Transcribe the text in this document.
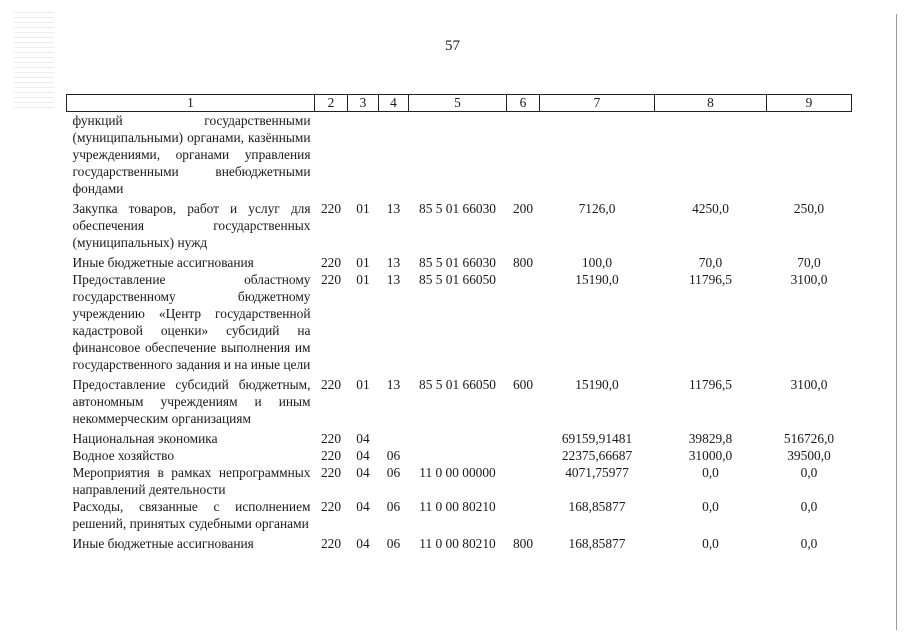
57
1	2	3	4	5	6	7	8	9
функций государственными (муниципальными) органами, казёнными учреждениями, органами управления государственными внебюджетными фондами								
Закупка товаров, работ и услуг для обеспечения государственных (муниципальных) нужд	220	01	13	85 5 01 66030	200	7126,0	4250,0	250,0
Иные бюджетные ассигнования	220	01	13	85 5 01 66030	800	100,0	70,0	70,0
Предоставление областному государственному бюджетному учреждению «Центр государственной кадастровой оценки» субсидий на финансовое обеспечение выполнения им государственного задания и на иные цели	220	01	13	85 5 01 66050		15190,0	11796,5	3100,0
Предоставление субсидий бюджетным, автономным учреждениям и иным некоммерческим организациям	220	01	13	85 5 01 66050	600	15190,0	11796,5	3100,0
Национальная экономика	220	04				69159,91481	39829,8	516726,0
Водное хозяйство	220	04	06			22375,66687	31000,0	39500,0
Мероприятия в рамках непрограммных направлений деятельности	220	04	06	11 0 00 00000		4071,75977	0,0	0,0
Расходы, связанные с исполнением решений, принятых судебными органами	220	04	06	11 0 00 80210		168,85877	0,0	0,0
Иные бюджетные ассигнования	220	04	06	11 0 00 80210	800	168,85877	0,0	0,0
